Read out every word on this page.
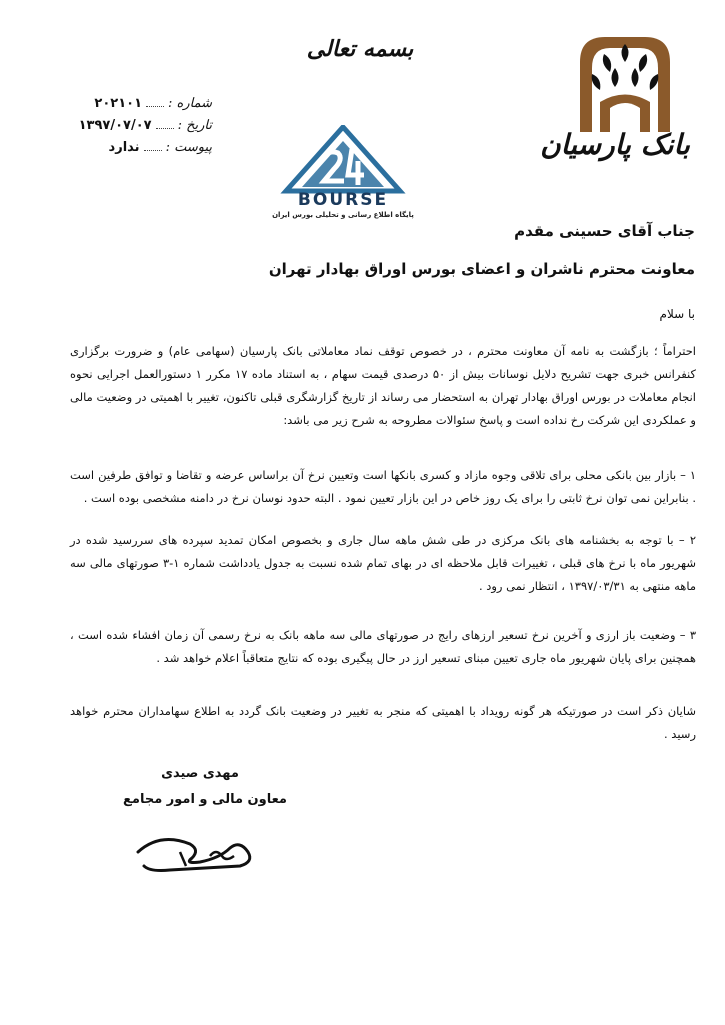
بسمه تعالی
بانک پارسیان
BOURSE
پایگاه اطلاع رسانی و تحلیلی بورس ایران
شماره :
۲۰۲۱۰۱
تاریخ :
۱۳۹۷/۰۷/۰۷
پیوست :
ندارد
جناب آقای حسینی مقدم
معاونت محترم ناشران و اعضای بورس اوراق بهادار تهران
با سلام
احتراماً ؛ بازگشت به نامه آن معاونت محترم ، در خصوص توقف نماد معاملاتی بانک پارسیان (سهامی عام) و ضرورت برگزاری کنفرانس خبری جهت تشریح دلایل نوسانات بیش از ۵۰ درصدی قیمت سهام ، به استناد ماده ۱۷ مکرر ۱ دستورالعمل اجرایی نحوه انجام معاملات در بورس اوراق بهادار تهران به استحضار می رساند از تاریخ گزارشگری قبلی تاکنون، تغییر با اهمیتی در وضعیت مالی و عملکردی این شرکت رخ نداده است و پاسخ سئوالات مطروحه به شرح زیر می باشد:
۱ – بازار بین بانکی محلی برای تلاقی وجوه مازاد و کسری بانکها است وتعیین نرخ آن براساس عرضه و تقاضا و توافق طرفین است . بنابراین نمی توان نرخ ثابتی را برای یک روز خاص در این بازار تعیین نمود . البته حدود نوسان نرخ در دامنه مشخصی بوده است .
۲ – با توجه به بخشنامه های بانک مرکزی در طی شش ماهه سال جاری و بخصوص امکان تمدید سپرده های سررسید شده در شهریور ماه با نرخ های قبلی ، تغییرات قابل ملاحظه ای در بهای تمام شده نسبت به جدول یادداشت شماره ۱-۳ صورتهای مالی سه ماهه منتهی به ۱۳۹۷/۰۳/۳۱ ، انتظار نمی رود .
۳ – وضعیت باز ارزی و آخرین نرخ تسعیر ارزهای رایج در صورتهای مالی سه ماهه بانک به نرخ رسمی آن زمان افشاء شده است ، همچنین برای پایان شهریور ماه جاری تعیین مبنای تسعیر ارز در حال پیگیری بوده که نتایج متعاقباً اعلام خواهد شد .
شایان ذکر است در صورتیکه هر گونه رویداد با اهمیتی که منجر به تغییر در وضعیت بانک گردد به اطلاع سهامداران محترم خواهد رسید .
مهدی صیدی
معاون مالی و امور مجامع
